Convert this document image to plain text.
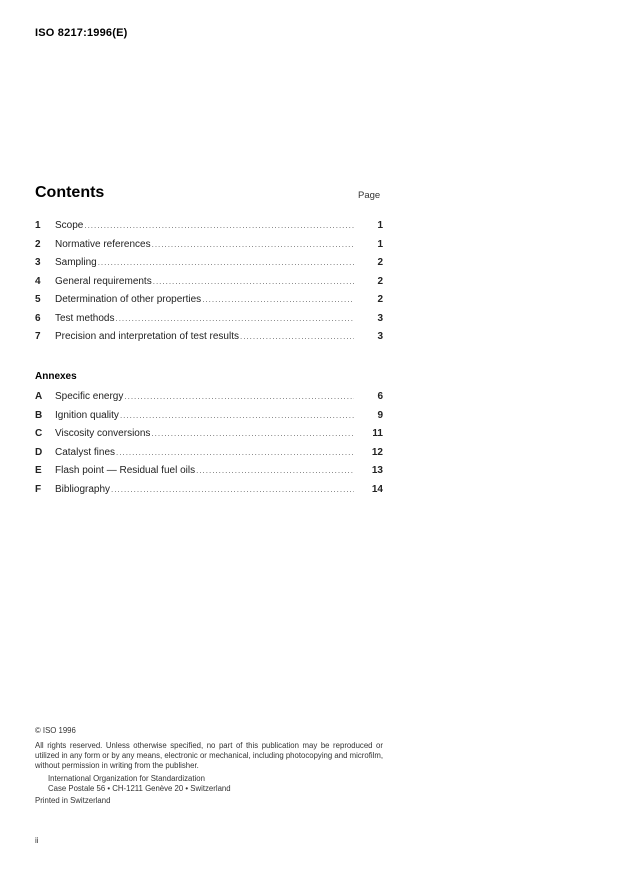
ISO 8217:1996(E)
Contents	Page
1	Scope .....	1
2	Normative references .....	1
3	Sampling .....	2
4	General requirements .....	2
5	Determination of other properties .....	2
6	Test methods .....	3
7	Precision and interpretation of test results .....	3
Annexes
A	Specific energy .....	6
B	Ignition quality .....	9
C	Viscosity conversions .....	11
D	Catalyst fines .....	12
E	Flash point — Residual fuel oils .....	13
F	Bibliography .....	14
© ISO 1996
All rights reserved. Unless otherwise specified, no part of this publication may be reproduced or utilized in any form or by any means, electronic or mechanical, including photocopying and microfilm, without permission in writing from the publisher.
International Organization for Standardization
Case Postale 56 • CH-1211 Genève 20 • Switzerland
Printed in Switzerland
ii
